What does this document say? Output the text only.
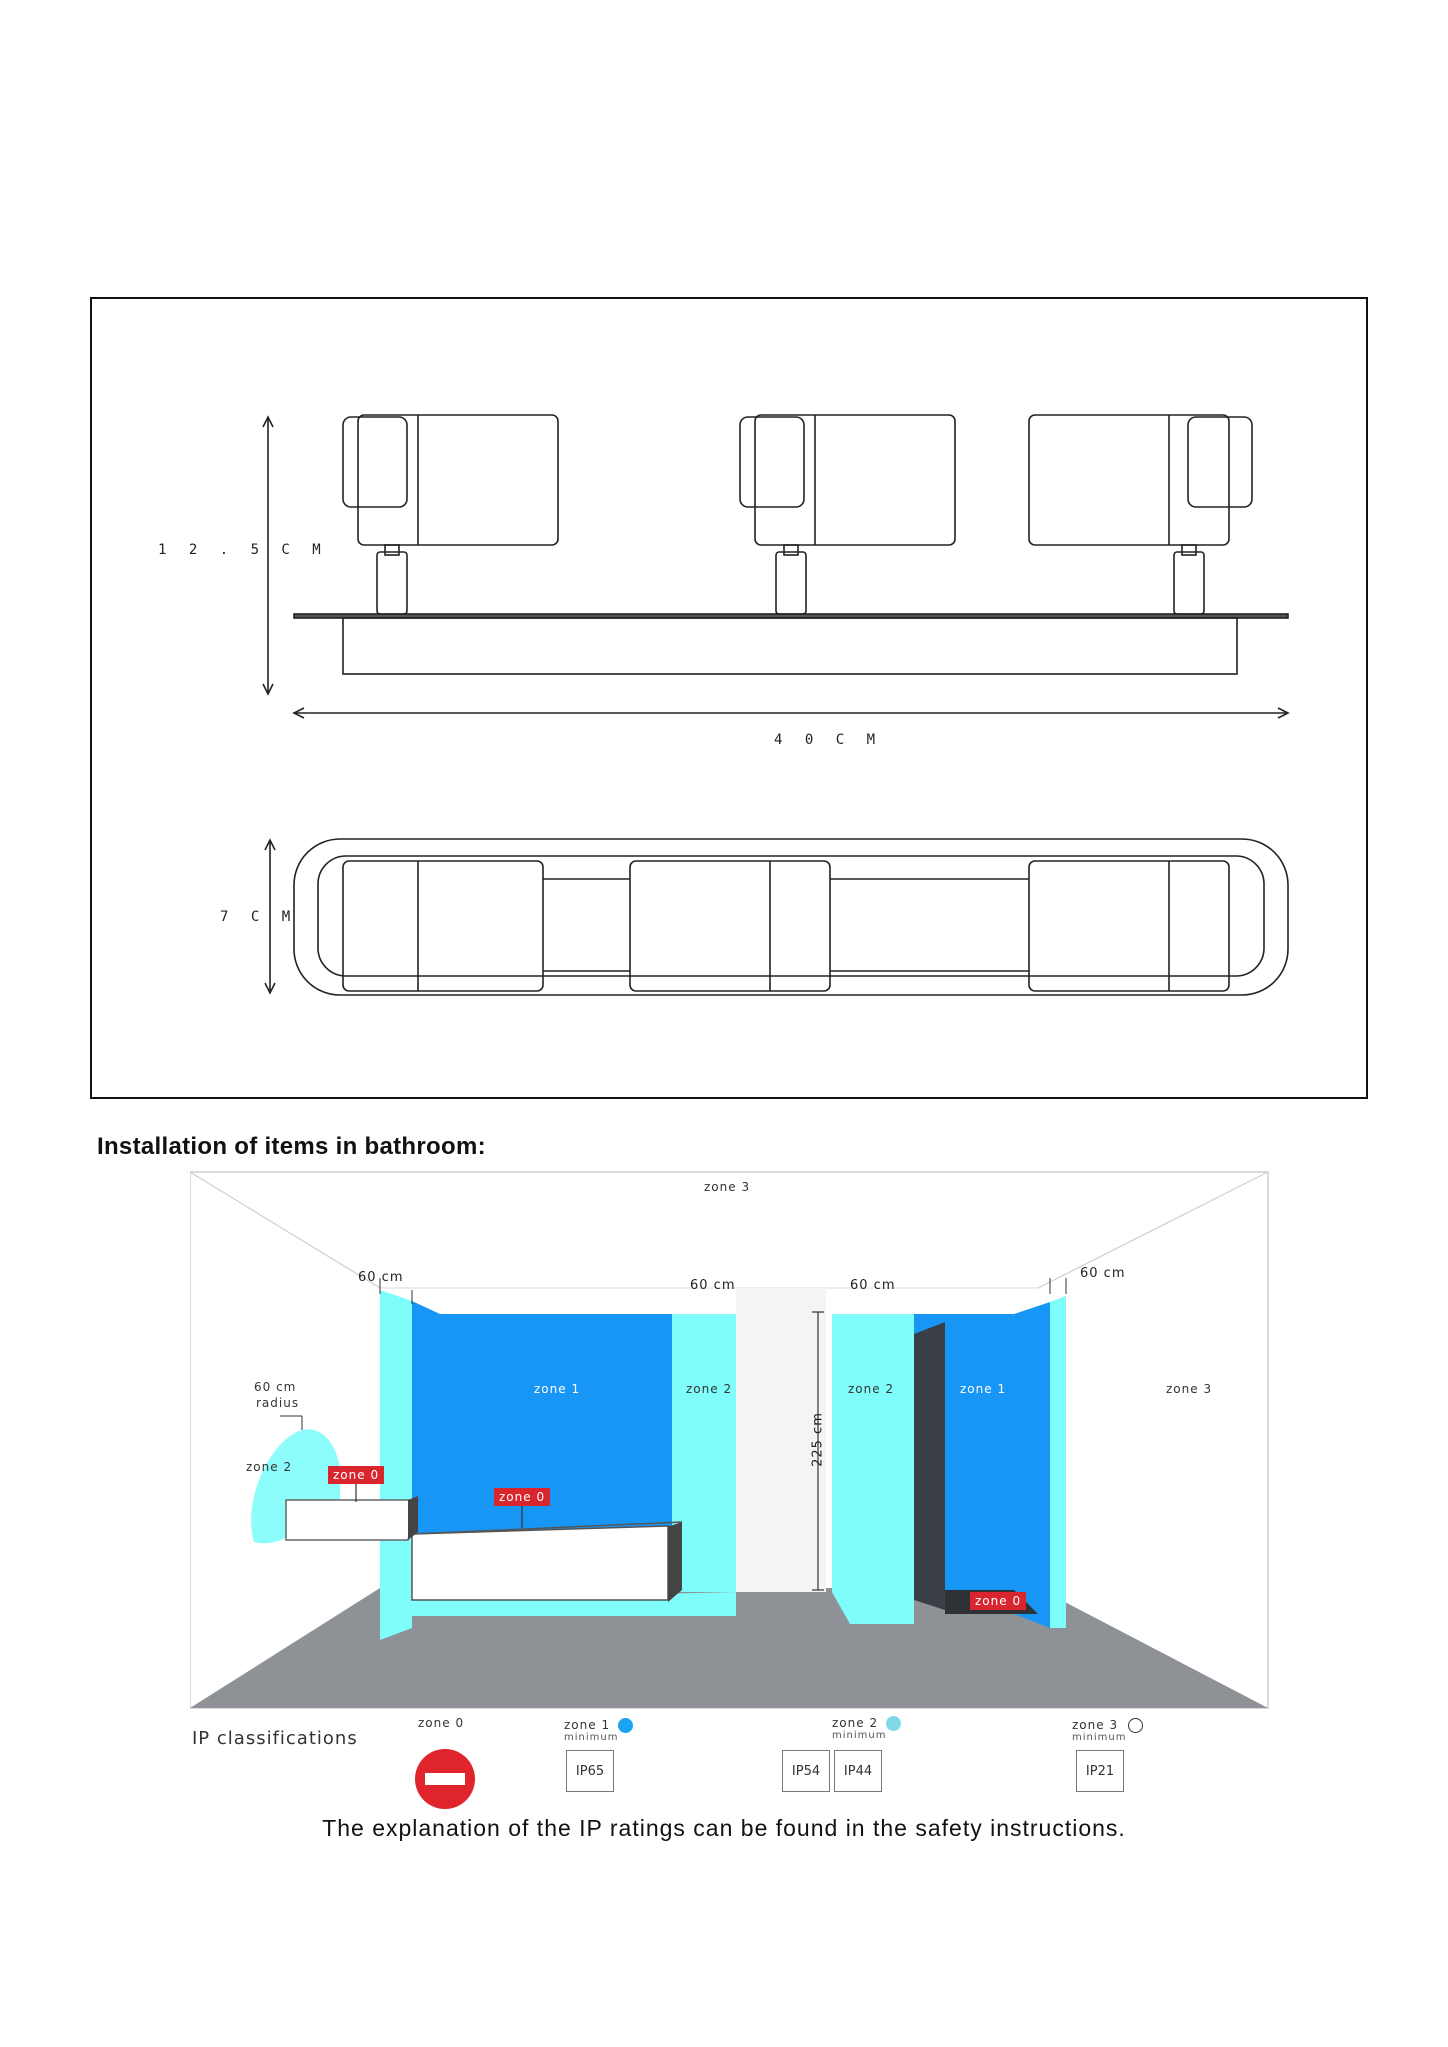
1 2 . 5 C M
4 0 C M
7 C M
Installation of items in bathroom:
zone 3
zone 3
60 cm
60 cm	60 cm
60 cm
60 cm
radius
zone 2
zone 0
zone 1	zone 2
zone 0
225 cm
zone 2	zone 1
zone 0
IP classifications
zone 0	zone 1
minimum
IP65
zone 2
minimum
IP54	IP44
zone 3
minimum
IP21
The explanation of the IP ratings can be found in the safety instructions.
